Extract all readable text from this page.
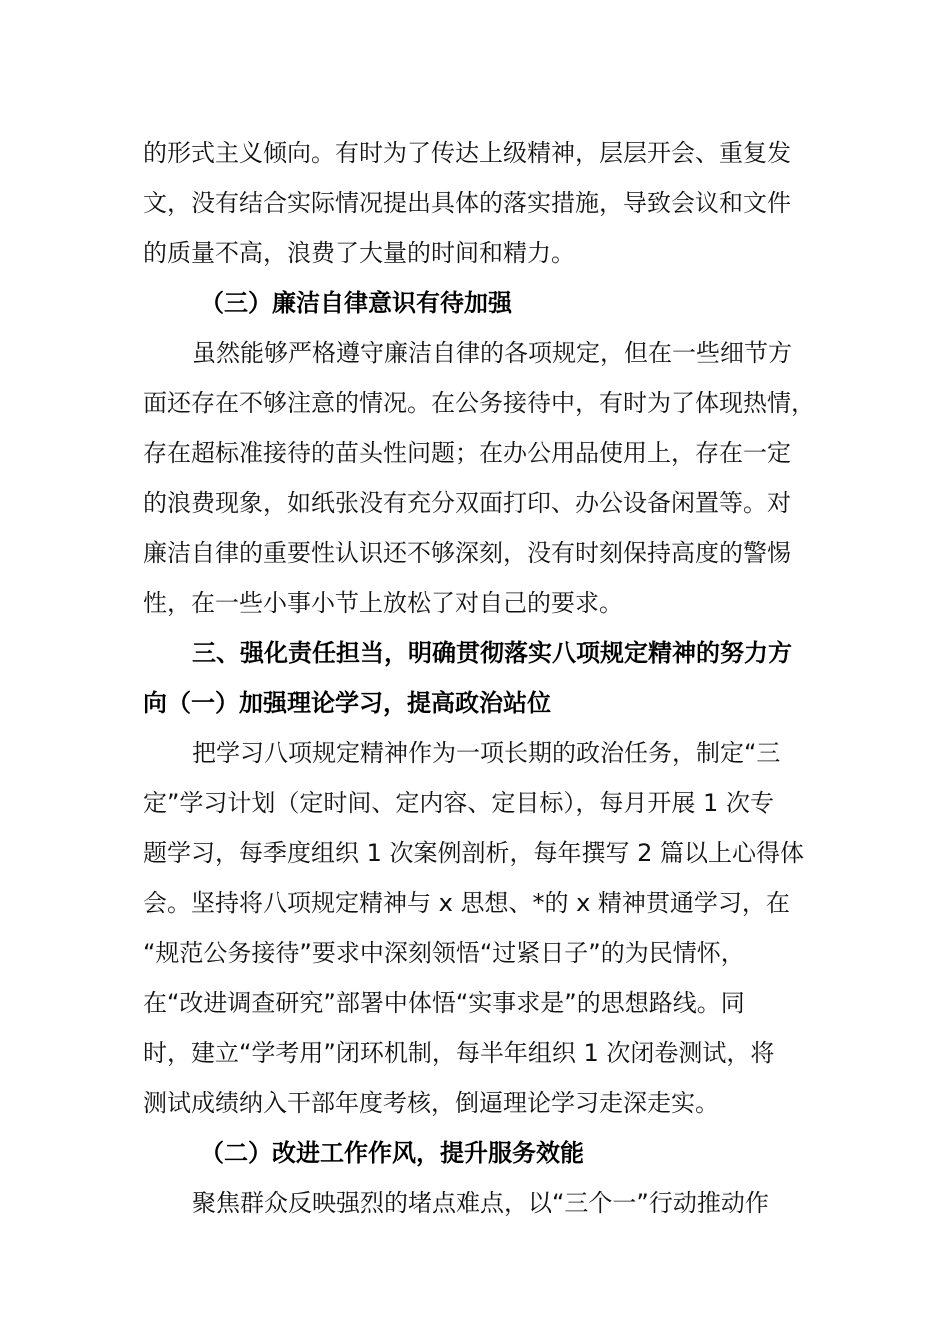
的形式主义倾向。有时为了传达上级精神，层层开会、重复发
文，没有结合实际情况提出具体的落实措施，导致会议和文件
的质量不高，浪费了大量的时间和精力。
（三）廉洁自律意识有待加强
虽然能够严格遵守廉洁自律的各项规定，但在一些细节方
面还存在不够注意的情况。在公务接待中，有时为了体现热情，
存在超标准接待的苗头性问题；在办公用品使用上，存在一定
的浪费现象，如纸张没有充分双面打印、办公设备闲置等。对
廉洁自律的重要性认识还不够深刻，没有时刻保持高度的警惕
性，在一些小事小节上放松了对自己的要求。
三、强化责任担当，明确贯彻落实八项规定精神的努力方
向（一）加强理论学习，提高政治站位
把学习八项规定精神作为一项长期的政治任务，制定“三
定”学习计划（定时间、定内容、定目标），每月开展 1 次专
题学习，每季度组织 1 次案例剖析，每年撰写 2 篇以上心得体
会。坚持将八项规定精神与 x 思想、*的 x 精神贯通学习，在
“规范公务接待”要求中深刻领悟“过紧日子”的为民情怀，
在“改进调查研究”部署中体悟“实事求是”的思想路线。同
时，建立“学考用”闭环机制，每半年组织 1 次闭卷测试，将
测试成绩纳入干部年度考核，倒逼理论学习走深走实。
（二）改进工作作风，提升服务效能
聚焦群众反映强烈的堵点难点，以“三个一”行动推动作
